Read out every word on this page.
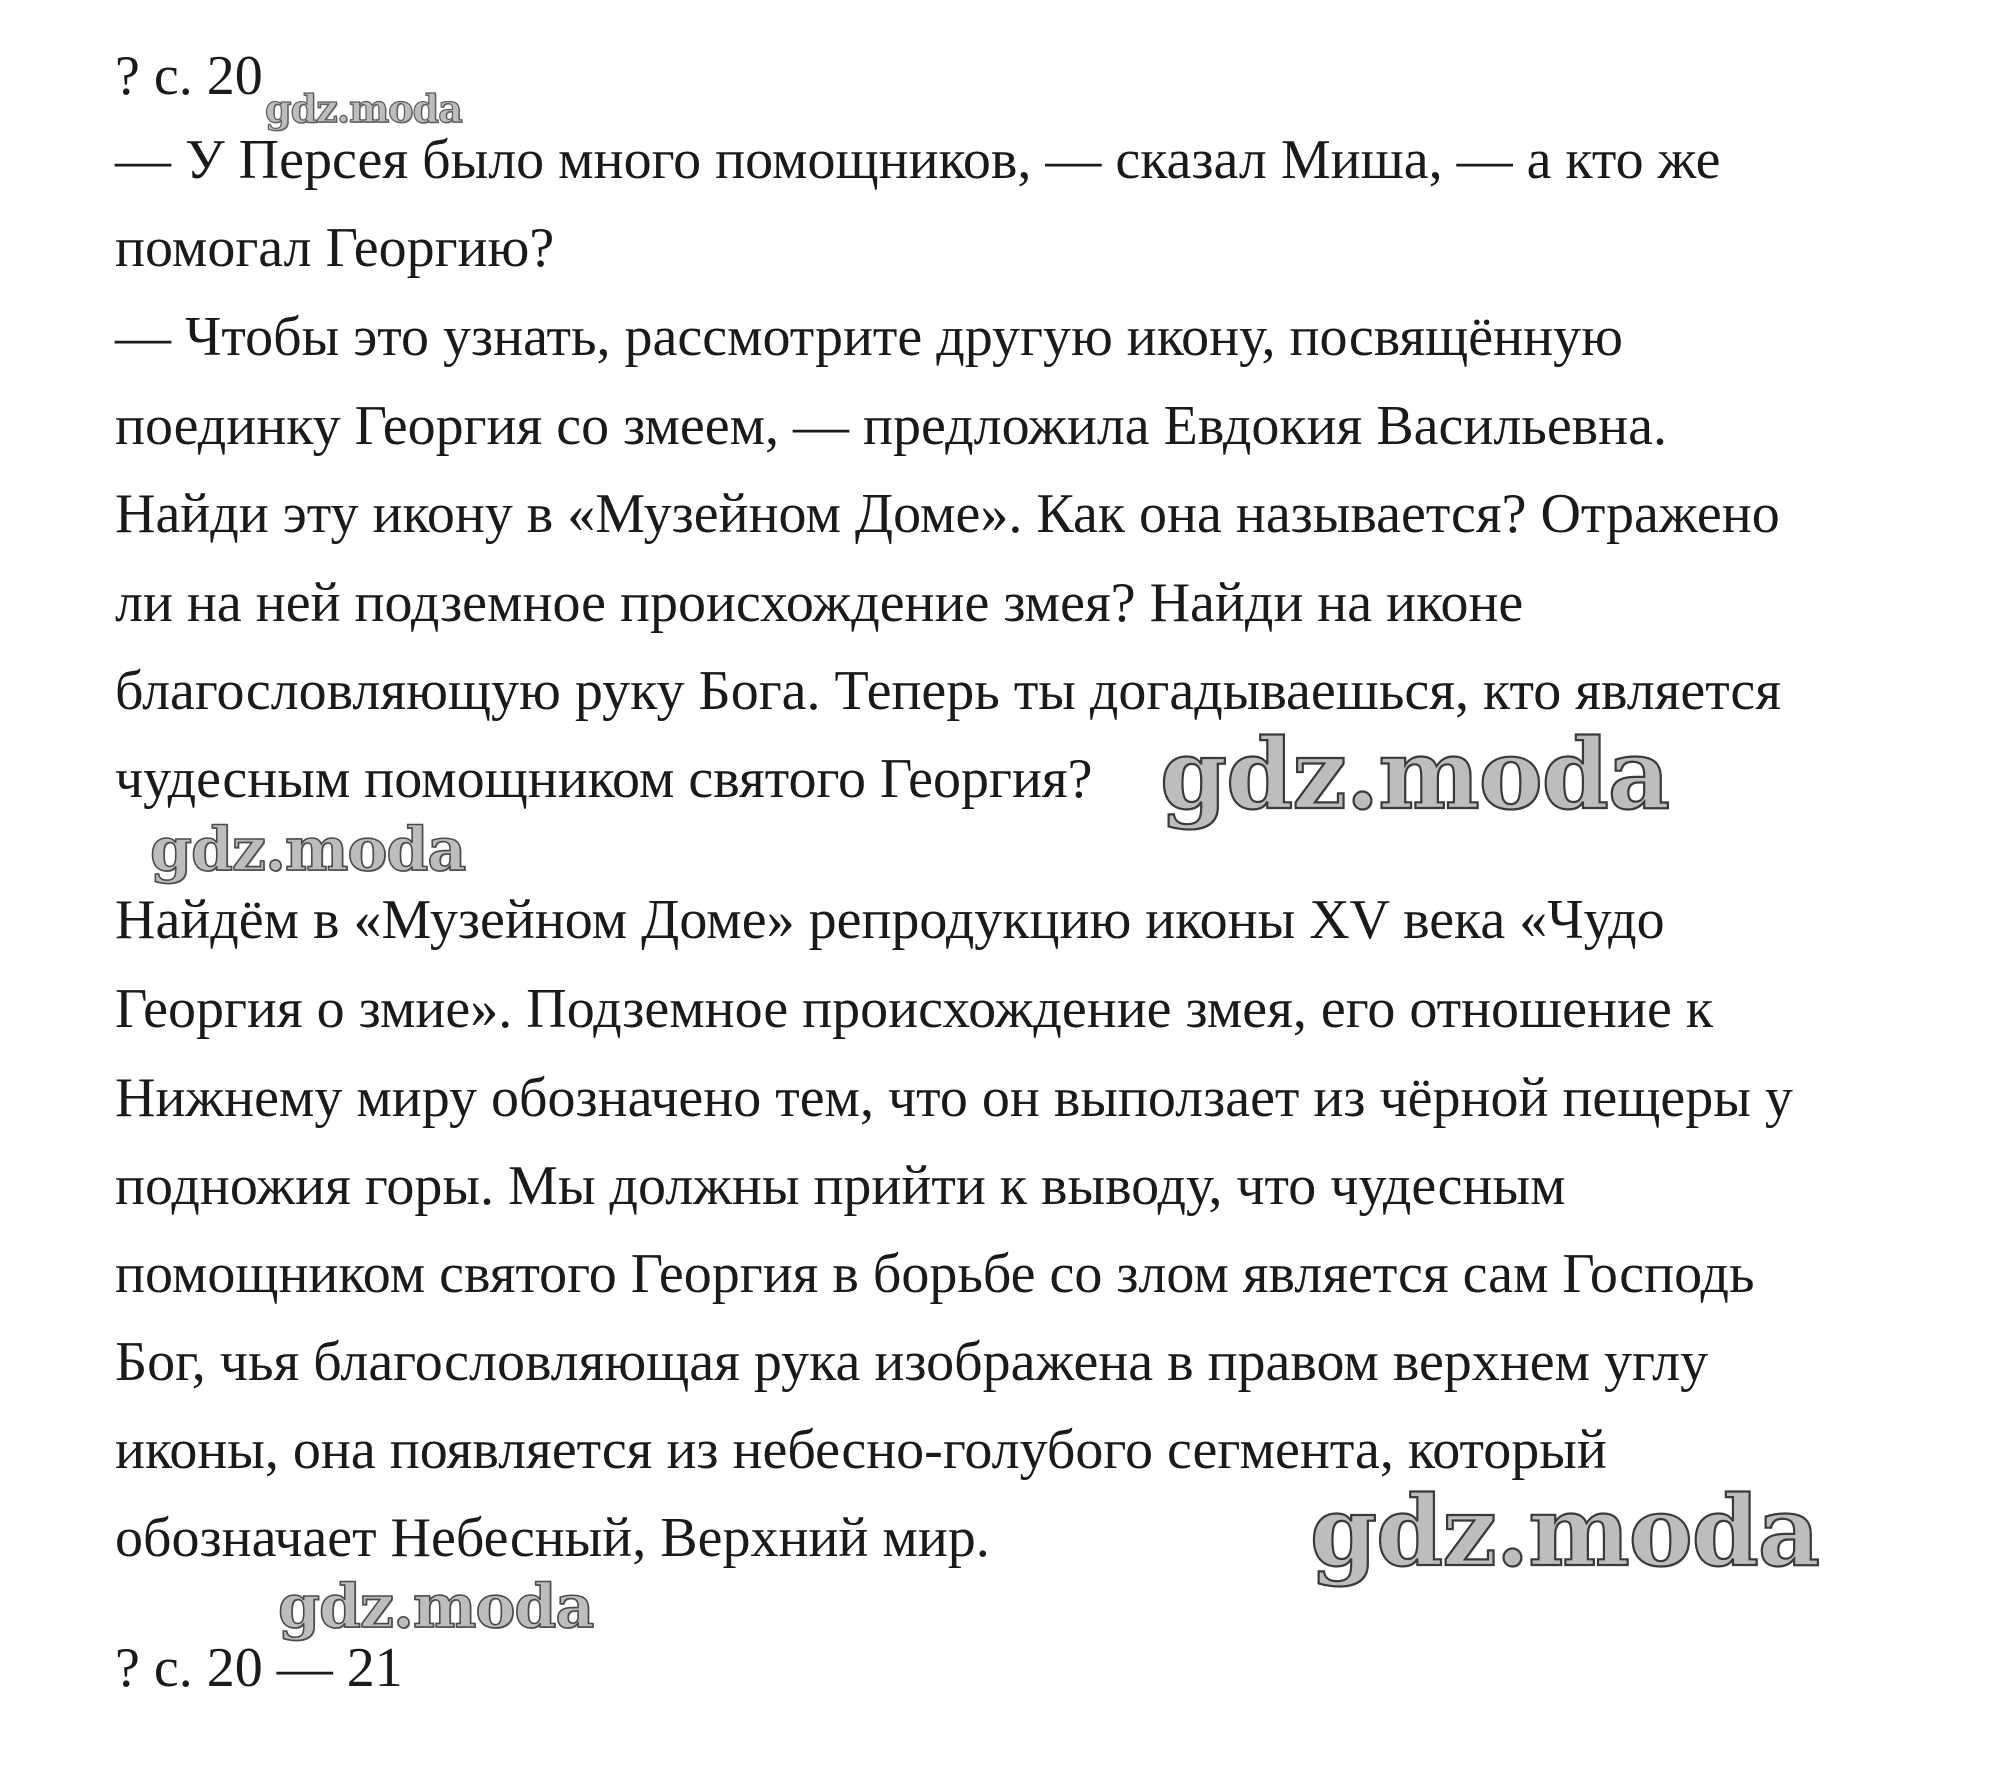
? с. 20

gdz.moda

— У Персея было много помощников, — сказал Миша, — а кто же

помогал Георгию?

— Чтобы это узнать, рассмотрите другую икону, посвящённую

поединку Георгия со змеем, — предложила Евдокия Васильевна.

Найди эту икону в «Музейном Доме». Как она называется? Отражено

ли на ней подземное происхождение змея? Найди на иконе

благословляющую руку Бога. Теперь ты догадываешься, кто является

чудесным помощником святого Георгия? gdz.moda

gdz.moda

Найдём в «Музейном Доме» репродукцию иконы XV века «Чудо

Георгия о змие». Подземное происхождение змея, его отношение к

Нижнему миру обозначено тем, что он выползает из чёрной пещеры у

подножия горы. Мы должны прийти к выводу, что чудесным

помощником святого Георгия в борьбе со злом является сам Господь

Бог, чья благословляющая рука изображена в правом верхнем углу

иконы, она появляется из небесно-голубого сегмента, который

обозначает Небесный, Верхний мир.	gdz.moda

gdz.moda

? с. 20 — 21
